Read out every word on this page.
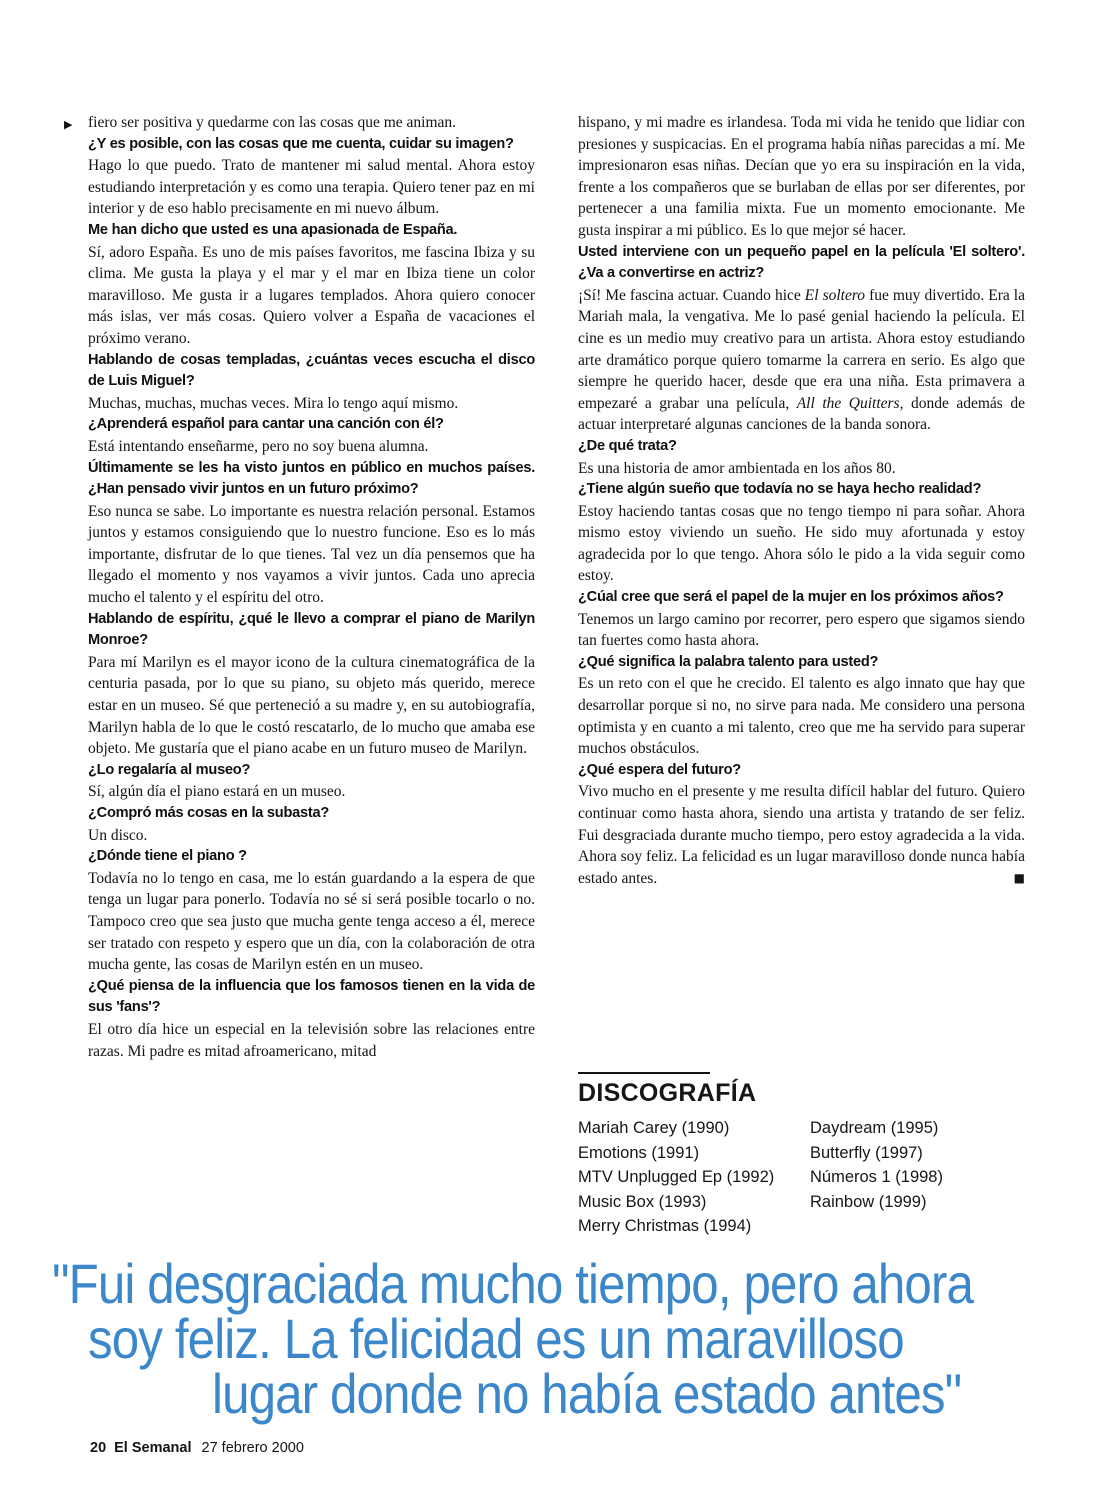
▶ fiero ser positiva y quedarme con las cosas que me animan.

¿Y es posible, con las cosas que me cuenta, cuidar su imagen?

Hago lo que puedo. Trato de mantener mi salud mental. Ahora estoy estudiando interpretación y es como una terapia. Quiero tener paz en mi interior y de eso hablo precisamente en mi nuevo álbum.

Me han dicho que usted es una apasionada de España.

Sí, adoro España. Es uno de mis países favoritos, me fascina Ibiza y su clima. Me gusta la playa y el mar y el mar en Ibiza tiene un color maravilloso. Me gusta ir a lugares templados. Ahora quiero conocer más islas, ver más cosas. Quiero volver a España de vacaciones el próximo verano.

Hablando de cosas templadas, ¿cuántas veces escucha el disco de Luis Miguel?

Muchas, muchas, muchas veces. Mira lo tengo aquí mismo.

¿Aprenderá español para cantar una canción con él?

Está intentando enseñarme, pero no soy buena alumna.

Últimamente se les ha visto juntos en público en muchos países. ¿Han pensado vivir juntos en un futuro próximo?

Eso nunca se sabe. Lo importante es nuestra relación personal. Estamos juntos y estamos consiguiendo que lo nuestro funcione. Eso es lo más importante, disfrutar de lo que tienes. Tal vez un día pensemos que ha llegado el momento y nos vayamos a vivir juntos. Cada uno aprecia mucho el talento y el espíritu del otro.

Hablando de espíritu, ¿qué le llevo a comprar el piano de Marilyn Monroe?

Para mí Marilyn es el mayor icono de la cultura cinematográfica de la centuria pasada, por lo que su piano, su objeto más querido, merece estar en un museo. Sé que perteneció a su madre y, en su autobiografía, Marilyn habla de lo que le costó rescatarlo, de lo mucho que amaba ese objeto. Me gustaría que el piano acabe en un futuro museo de Marilyn.

¿Lo regalaría al museo?

Sí, algún día el piano estará en un museo.

¿Compró más cosas en la subasta?

Un disco.

¿Dónde tiene el piano ?

Todavía no lo tengo en casa, me lo están guardando a la espera de que tenga un lugar para ponerlo. Todavía no sé si será posible tocarlo o no. Tampoco creo que sea justo que mucha gente tenga acceso a él, merece ser tratado con respeto y espero que un día, con la colaboración de otra mucha gente, las cosas de Marilyn estén en un museo.

¿Qué piensa de la influencia que los famosos tienen en la vida de sus 'fans'?

El otro día hice un especial en la televisión sobre las relaciones entre razas. Mi padre es mitad afroamericano, mitad

hispano, y mi madre es irlandesa. Toda mi vida he tenido que lidiar con presiones y suspicacias. En el programa había niñas parecidas a mí. Me impresionaron esas niñas. Decían que yo era su inspiración en la vida, frente a los compañeros que se burlaban de ellas por ser diferentes, por pertenecer a una familia mixta. Fue un momento emocionante. Me gusta inspirar a mi público. Es lo que mejor sé hacer.

Usted interviene con un pequeño papel en la película 'El soltero'. ¿Va a convertirse en actriz?

¡Sí! Me fascina actuar. Cuando hice El soltero fue muy divertido. Era la Mariah mala, la vengativa. Me lo pasé genial haciendo la película. El cine es un medio muy creativo para un artista. Ahora estoy estudiando arte dramático porque quiero tomarme la carrera en serio. Es algo que siempre he querido hacer, desde que era una niña. Esta primavera a empezaré a grabar una película, All the Quitters, donde además de actuar interpretaré algunas canciones de la banda sonora.

¿De qué trata?

Es una historia de amor ambientada en los años 80.

¿Tiene algún sueño que todavía no se haya hecho realidad?

Estoy haciendo tantas cosas que no tengo tiempo ni para soñar. Ahora mismo estoy viviendo un sueño. He sido muy afortunada y estoy agradecida por lo que tengo. Ahora sólo le pido a la vida seguir como estoy.

¿Cúal cree que será el papel de la mujer en los próximos años?

Tenemos un largo camino por recorrer, pero espero que sigamos siendo tan fuertes como hasta ahora.

¿Qué significa la palabra talento para usted?

Es un reto con el que he crecido. El talento es algo innato que hay que desarrollar porque si no, no sirve para nada. Me considero una persona optimista y en cuanto a mi talento, creo que me ha servido para superar muchos obstáculos.

¿Qué espera del futuro?

Vivo mucho en el presente y me resulta difícil hablar del futuro. Quiero continuar como hasta ahora, siendo una artista y tratando de ser feliz. Fui desgraciada durante mucho tiempo, pero estoy agradecida a la vida. Ahora soy feliz. La felicidad es un lugar maravilloso donde nunca había estado antes.	■

DISCOGRAFÍA
Mariah Carey (1990)
Emotions (1991)
MTV Unplugged Ep (1992)
Music Box (1993)
Merry Christmas (1994)
Daydream (1995)
Butterfly (1997)
Números 1 (1998)
Rainbow (1999)
"Fui desgraciada mucho tiempo, pero ahora
soy feliz. La felicidad es un maravilloso
lugar donde no había estado antes"
20 El Semanal 27 febrero 2000
